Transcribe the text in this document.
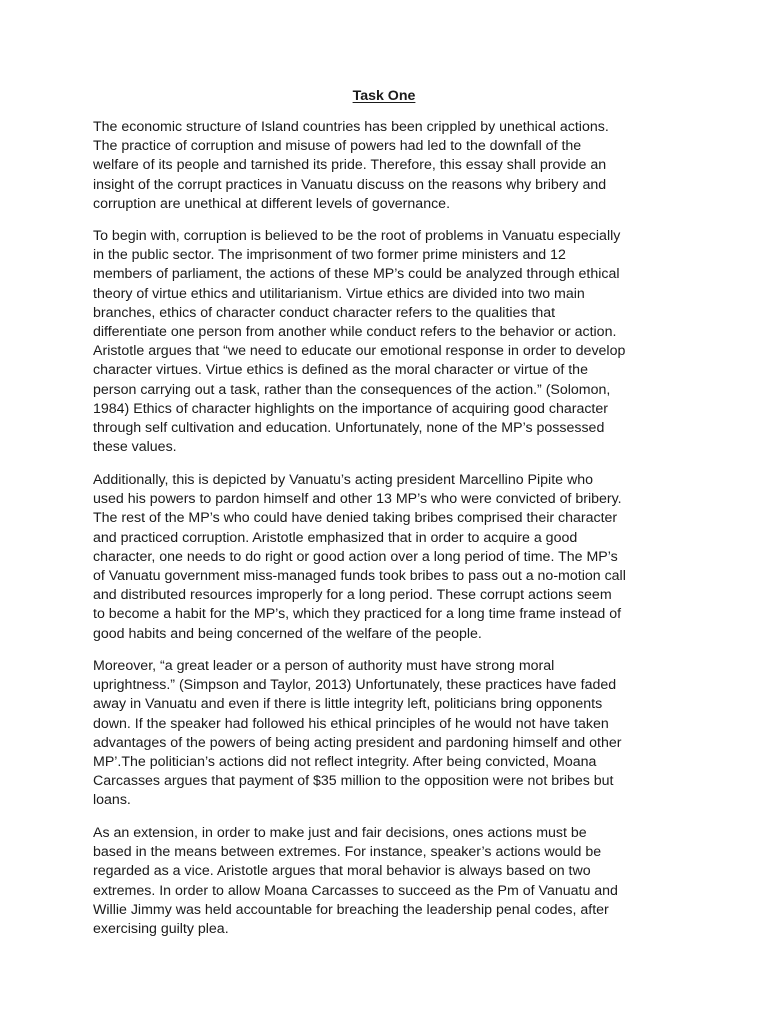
Task One

The economic structure of Island countries has been crippled by unethical actions.
The practice of corruption and misuse of powers had led to the downfall of the
welfare of its people and tarnished its pride. Therefore, this essay shall provide an
insight of the corrupt practices in Vanuatu discuss on the reasons why bribery and
corruption are unethical at different levels of governance.

To begin with, corruption is believed to be the root of problems in Vanuatu especially
in the public sector. The imprisonment of two former prime ministers and 12
members of parliament, the actions of these MP’s could be analyzed through ethical
theory of virtue ethics and utilitarianism. Virtue ethics are divided into two main
branches, ethics of character conduct character refers to the qualities that
differentiate one person from another while conduct refers to the behavior or action.
Aristotle argues that “we need to educate our emotional response in order to develop
character virtues. Virtue ethics is defined as the moral character or virtue of the
person carrying out a task, rather than the consequences of the action.” (Solomon,
1984) Ethics of character highlights on the importance of acquiring good character
through self cultivation and education. Unfortunately, none of the MP’s possessed
these values.

Additionally, this is depicted by Vanuatu’s acting president Marcellino Pipite who
used his powers to pardon himself and other 13 MP’s who were convicted of bribery.
The rest of the MP’s who could have denied taking bribes comprised their character
and practiced corruption. Aristotle emphasized that in order to acquire a good
character, one needs to do right or good action over a long period of time. The MP’s
of Vanuatu government miss-managed funds took bribes to pass out a no-motion call
and distributed resources improperly for a long period. These corrupt actions seem
to become a habit for the MP’s, which they practiced for a long time frame instead of
good habits and being concerned of the welfare of the people.

Moreover, “a great leader or a person of authority must have strong moral
uprightness.” (Simpson and Taylor, 2013) Unfortunately, these practices have faded
away in Vanuatu and even if there is little integrity left, politicians bring opponents
down. If the speaker had followed his ethical principles of he would not have taken
advantages of the powers of being acting president and pardoning himself and other
MP’.The politician’s actions did not reflect integrity. After being convicted, Moana
Carcasses argues that payment of $35 million to the opposition were not bribes but
loans.

As an extension, in order to make just and fair decisions, ones actions must be
based in the means between extremes. For instance, speaker’s actions would be
regarded as a vice. Aristotle argues that moral behavior is always based on two
extremes. In order to allow Moana Carcasses to succeed as the Pm of Vanuatu and
Willie Jimmy was held accountable for breaching the leadership penal codes, after
exercising guilty plea.
